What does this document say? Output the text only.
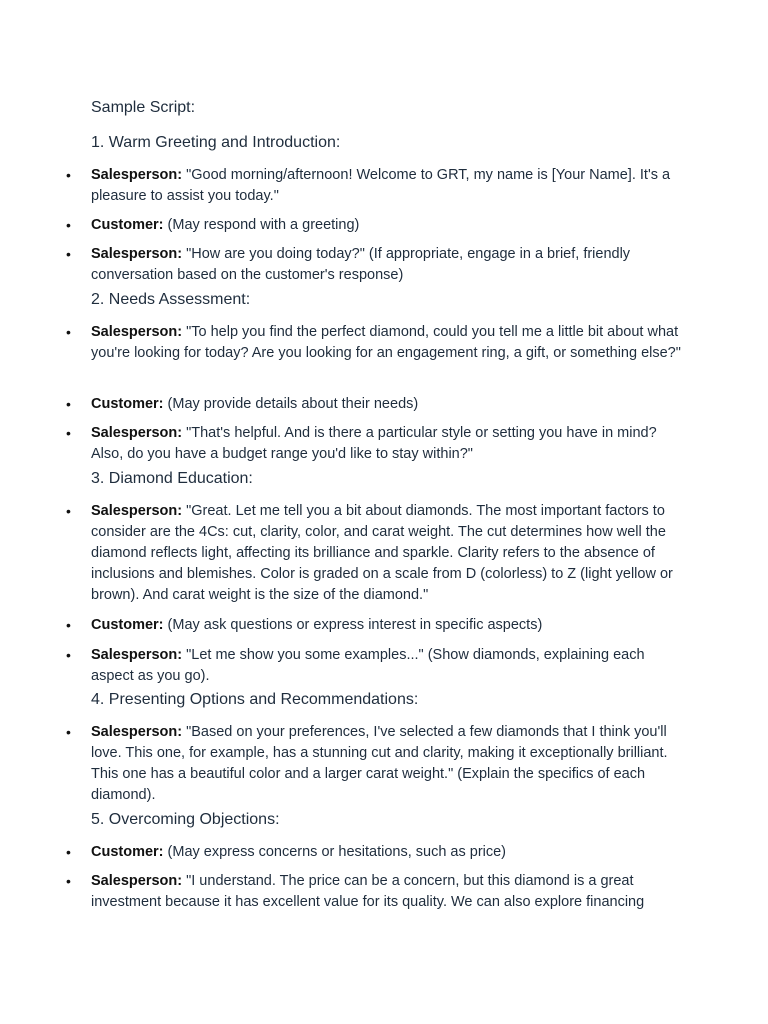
Sample Script:
1. Warm Greeting and Introduction:
• Salesperson: "Good morning/afternoon! Welcome to GRT, my name is [Your Name]. It's a pleasure to assist you today."
• Customer: (May respond with a greeting)
• Salesperson: "How are you doing today?" (If appropriate, engage in a brief, friendly conversation based on the customer's response)
2. Needs Assessment:
• Salesperson: "To help you find the perfect diamond, could you tell me a little bit about what you're looking for today? Are you looking for an engagement ring, a gift, or something else?"
• Customer: (May provide details about their needs)
• Salesperson: "That's helpful. And is there a particular style or setting you have in mind? Also, do you have a budget range you'd like to stay within?"
3. Diamond Education:
• Salesperson: "Great. Let me tell you a bit about diamonds. The most important factors to consider are the 4Cs: cut, clarity, color, and carat weight. The cut determines how well the diamond reflects light, affecting its brilliance and sparkle. Clarity refers to the absence of inclusions and blemishes. Color is graded on a scale from D (colorless) to Z (light yellow or brown). And carat weight is the size of the diamond."
• Customer: (May ask questions or express interest in specific aspects)
• Salesperson: "Let me show you some examples..." (Show diamonds, explaining each aspect as you go).
4. Presenting Options and Recommendations:
• Salesperson: "Based on your preferences, I've selected a few diamonds that I think you'll love. This one, for example, has a stunning cut and clarity, making it exceptionally brilliant. This one has a beautiful color and a larger carat weight." (Explain the specifics of each diamond).
5. Overcoming Objections:
• Customer: (May express concerns or hesitations, such as price)
• Salesperson: "I understand. The price can be a concern, but this diamond is a great investment because it has excellent value for its quality. We can also explore financing
